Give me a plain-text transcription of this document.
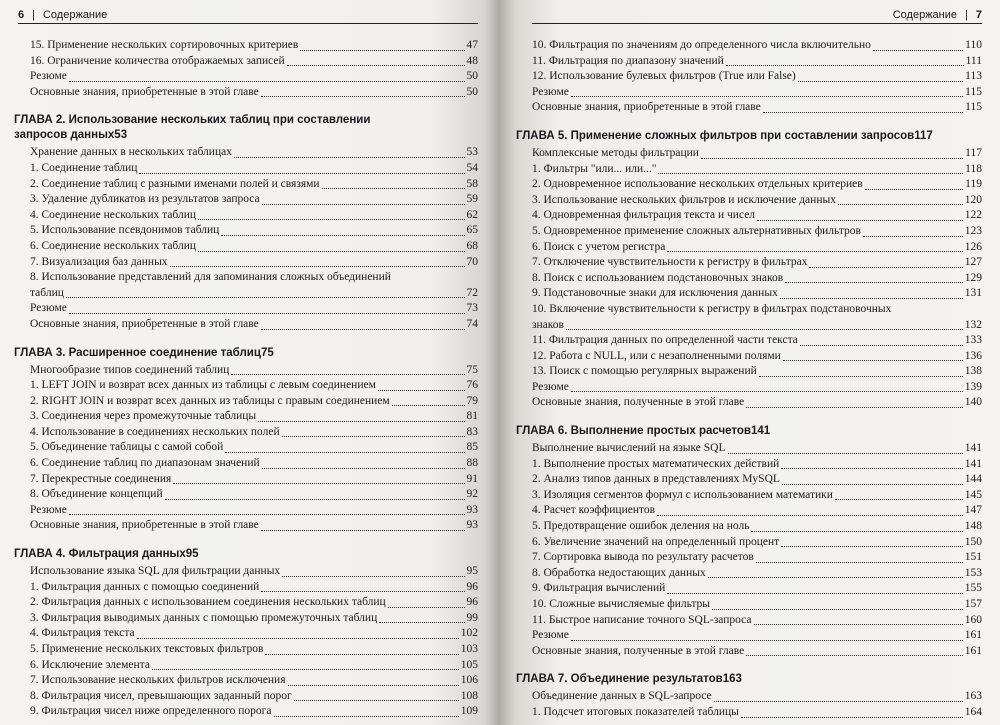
6 | Содержание
15. Применение нескольких сортировочных критериев	47
16. Ограничение количества отображаемых записей	48
Резюме	50
Основные знания, приобретенные в этой главе	50
ГЛАВА 2. Использование нескольких таблиц при составлении
запросов данных 53
Хранение данных в нескольких таблицах	53
1. Соединение таблиц	54
2. Соединение таблиц с разными именами полей и связями	58
3. Удаление дубликатов из результатов запроса	59
4. Соединение нескольких таблиц	62
5. Использование псевдонимов таблиц	65
6. Соединение нескольких таблиц	68
7. Визуализация баз данных	70
8. Использование представлений для запоминания сложных объединений
таблиц	72
Резюме	73
Основные знания, приобретенные в этой главе	74
ГЛАВА 3. Расширенное соединение таблиц 75
Многообразие типов соединений таблиц	75
1. LEFT JOIN и возврат всех данных из таблицы с левым соединением	76
2. RIGHT JOIN и возврат всех данных из таблицы с правым соединением	79
3. Соединения через промежуточные таблицы	81
4. Использование в соединениях нескольких полей	83
5. Объединение таблицы с самой собой	85
6. Соединение таблиц по диапазонам значений	88
7. Перекрестные соединения	91
8. Объединение концепций	92
Резюме	93
Основные знания, приобретенные в этой главе	93
ГЛАВА 4. Фильтрация данных 95
Использование языка SQL для фильтрации данных	95
1. Фильтрация данных с помощью соединений	96
2. Фильтрация данных с использованием соединения нескольких таблиц	96
3. Фильтрация выводимых данных с помощью промежуточных таблиц	99
4. Фильтрация текста	102
5. Применение нескольких текстовых фильтров	103
6. Исключение элемента	105
7. Использование нескольких фильтров исключения	106
8. Фильтрация чисел, превышающих заданный порог	108
9. Фильтрация чисел ниже определенного порога	109
Содержание | 7
10. Фильтрация по значениям до определенного числа включительно	110
11. Фильтрация по диапазону значений	111
12. Использование булевых фильтров (True или False)	113
Резюме	115
Основные знания, приобретенные в этой главе	115
ГЛАВА 5. Применение сложных фильтров при составлении запросов 117
Комплексные методы фильтрации	117
1. Фильтры "или... или..."	118
2. Одновременное использование нескольких отдельных критериев	119
3. Использование нескольких фильтров и исключение данных	120
4. Одновременная фильтрация текста и чисел	122
5. Одновременное применение сложных альтернативных фильтров	123
6. Поиск с учетом регистра	126
7. Отключение чувствительности к регистру в фильтрах	127
8. Поиск с использованием подстановочных знаков	129
9. Подстановочные знаки для исключения данных	131
10. Включение чувствительности к регистру в фильтрах подстановочных
знаков	132
11. Фильтрация данных по определенной части текста	133
12. Работа с NULL, или с незаполненными полями	136
13. Поиск с помощью регулярных выражений	138
Резюме	139
Основные знания, полученные в этой главе	140
ГЛАВА 6. Выполнение простых расчетов 141
Выполнение вычислений на языке SQL	141
1. Выполнение простых математических действий	141
2. Анализ типов данных в представлениях MySQL	144
3. Изоляция сегментов формул с использованием математики	145
4. Расчет коэффициентов	147
5. Предотвращение ошибок деления на ноль	148
6. Увеличение значений на определенный процент	150
7. Сортировка вывода по результату расчетов	151
8. Обработка недостающих данных	153
9. Фильтрация вычислений	155
10. Сложные вычисляемые фильтры	157
11. Быстрое написание точного SQL-запроса	160
Резюме	161
Основные знания, полученные в этой главе	161
ГЛАВА 7. Объединение результатов 163
Объединение данных в SQL-запросе	163
1. Подсчет итоговых показателей таблицы	164
